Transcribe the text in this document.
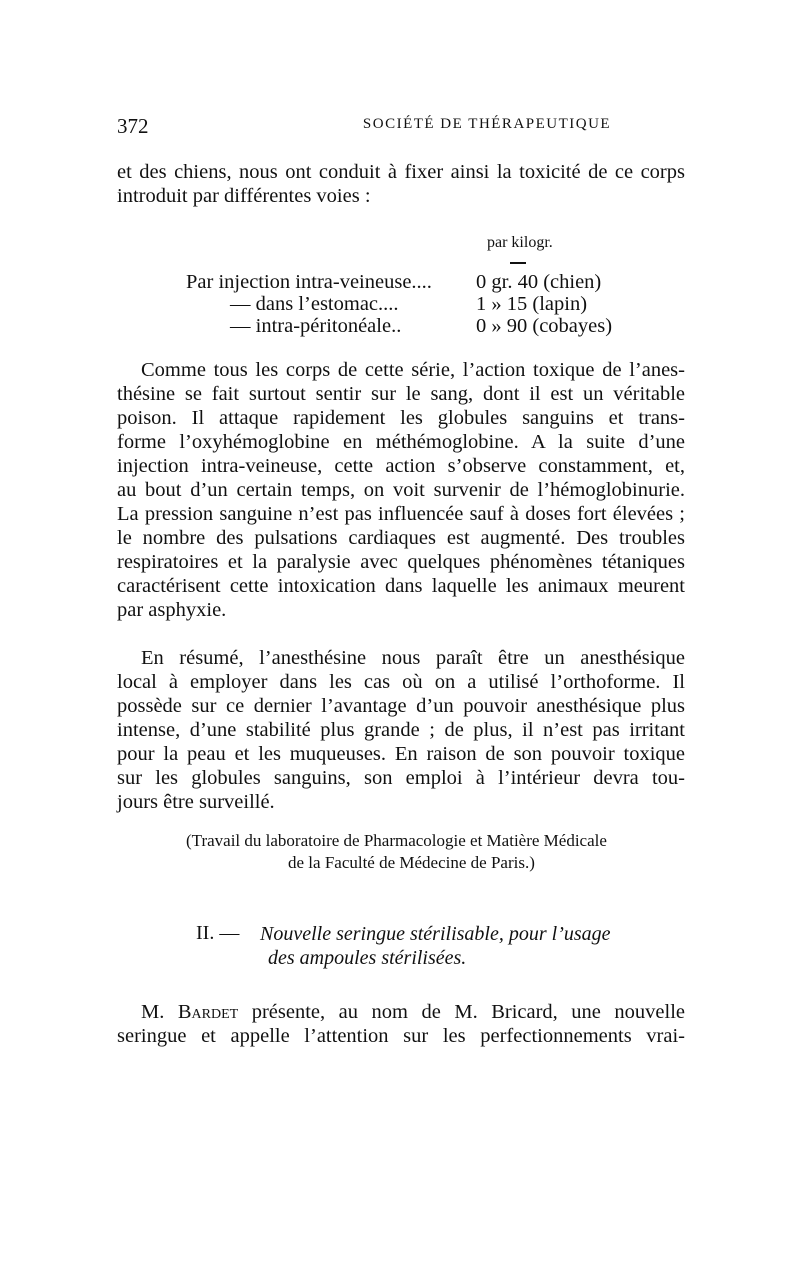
372	SOCIÉTÉ DE THÉRAPEUTIQUE
et des chiens, nous ont conduit à fixer ainsi la toxicité de ce corps
introduit par différentes voies :
par kilogr.
Par injection intra-veineuse.... 0 gr. 40 (chien)
— dans l’estomac....	1 » 15 (lapin)
— intra-péritonéale..	0 » 90 (cobayes)
Comme tous les corps de cette série, l’action toxique de l’anes-
thésine se fait surtout sentir sur le sang, dont il est un véritable
poison. Il attaque rapidement les globules sanguins et trans-
forme l’oxyhémoglobine en méthémoglobine. A la suite d’une
injection intra-veineuse, cette action s’observe constamment, et,
au bout d’un certain temps, on voit survenir de l’hémoglobinurie.
La pression sanguine n’est pas influencée sauf à doses fort élevées ;
le nombre des pulsations cardiaques est augmenté. Des troubles
respiratoires et la paralysie avec quelques phénomènes tétaniques
caractérisent cette intoxication dans laquelle les animaux meurent
par asphyxie.
En résumé, l’anesthésine nous paraît être un anesthésique
local à employer dans les cas où on a utilisé l’orthoforme. Il
possède sur ce dernier l’avantage d’un pouvoir anesthésique plus
intense, d’une stabilité plus grande ; de plus, il n’est pas irritant
pour la peau et les muqueuses. En raison de son pouvoir toxique
sur les globules sanguins, son emploi à l’intérieur devra tou-
jours être surveillé.
(Travail du laboratoire de Pharmacologie et Matière Médicale
de la Faculté de Médecine de Paris.)
II. — Nouvelle seringue stérilisable, pour l’usage
des ampoules stérilisées.
M. Bardet présente, au nom de M. Bricard, une nouvelle
seringue et appelle l’attention sur les perfectionnements vrai-
